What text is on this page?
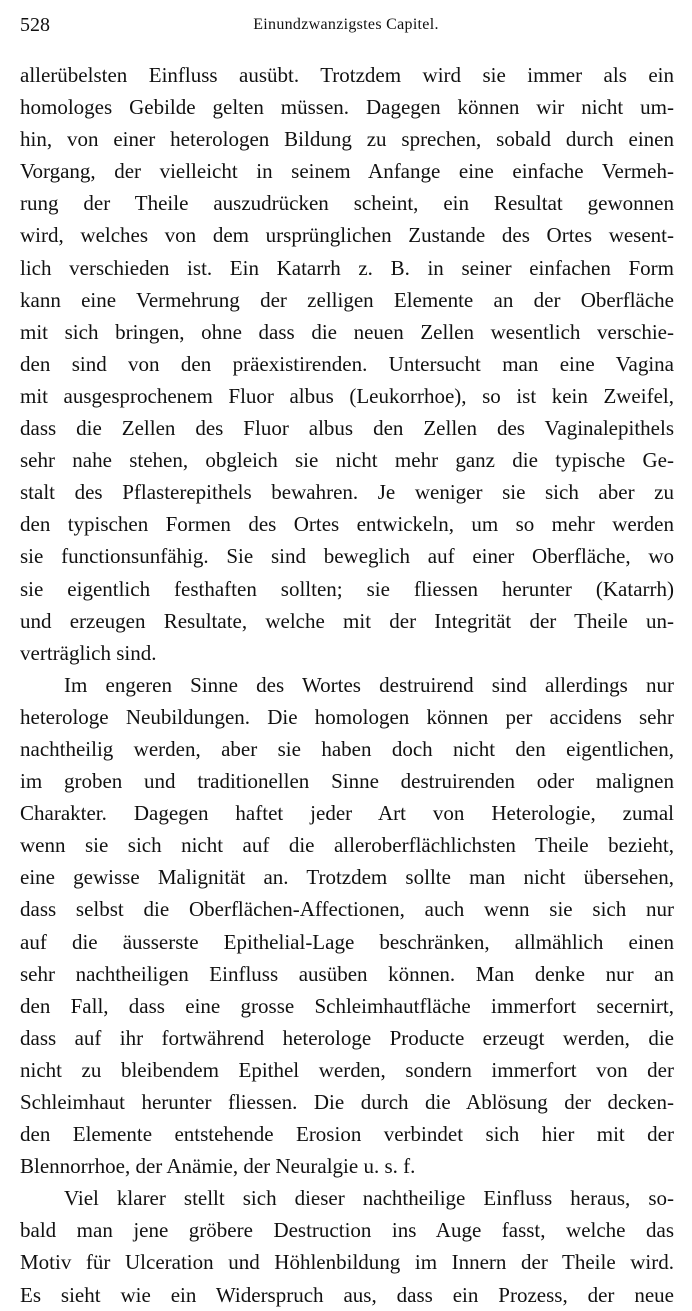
528	Einundzwanzigstes Capitel.
allerübelsten Einfluss ausübt. Trotzdem wird sie immer als ein
homologes Gebilde gelten müssen. Dagegen können wir nicht um-
hin, von einer heterologen Bildung zu sprechen, sobald durch einen
Vorgang, der vielleicht in seinem Anfange eine einfache Vermeh-
rung der Theile auszudrücken scheint, ein Resultat gewonnen
wird, welches von dem ursprünglichen Zustande des Ortes wesent-
lich verschieden ist. Ein Katarrh z. B. in seiner einfachen Form
kann eine Vermehrung der zelligen Elemente an der Oberfläche
mit sich bringen, ohne dass die neuen Zellen wesentlich verschie-
den sind von den präexistirenden. Untersucht man eine Vagina
mit ausgesprochenem Fluor albus (Leukorrhoe), so ist kein Zweifel,
dass die Zellen des Fluor albus den Zellen des Vaginalepithels
sehr nahe stehen, obgleich sie nicht mehr ganz die typische Ge-
stalt des Pflasterepithels bewahren. Je weniger sie sich aber zu
den typischen Formen des Ortes entwickeln, um so mehr werden
sie functionsunfähig. Sie sind beweglich auf einer Oberfläche, wo
sie eigentlich festhaften sollten; sie fliessen herunter (Katarrh)
und erzeugen Resultate, welche mit der Integrität der Theile un-
verträglich sind.
Im engeren Sinne des Wortes destruirend sind allerdings nur
heterologe Neubildungen. Die homologen können per accidens sehr
nachtheilig werden, aber sie haben doch nicht den eigentlichen,
im groben und traditionellen Sinne destruirenden oder malignen
Charakter. Dagegen haftet jeder Art von Heterologie, zumal
wenn sie sich nicht auf die alleroberflächlichsten Theile bezieht,
eine gewisse Malignität an. Trotzdem sollte man nicht übersehen,
dass selbst die Oberflächen-Affectionen, auch wenn sie sich nur
auf die äusserste Epithelial-Lage beschränken, allmählich einen
sehr nachtheiligen Einfluss ausüben können. Man denke nur an
den Fall, dass eine grosse Schleimhautfläche immerfort secernirt,
dass auf ihr fortwährend heterologe Producte erzeugt werden, die
nicht zu bleibendem Epithel werden, sondern immerfort von der
Schleimhaut herunter fliessen. Die durch die Ablösung der decken-
den Elemente entstehende Erosion verbindet sich hier mit der
Blennorrhoe, der Anämie, der Neuralgie u. s. f.
Viel klarer stellt sich dieser nachtheilige Einfluss heraus, so-
bald man jene gröbere Destruction ins Auge fasst, welche das
Motiv für Ulceration und Höhlenbildung im Innern der Theile wird.
Es sieht wie ein Widerspruch aus, dass ein Prozess, der neue
